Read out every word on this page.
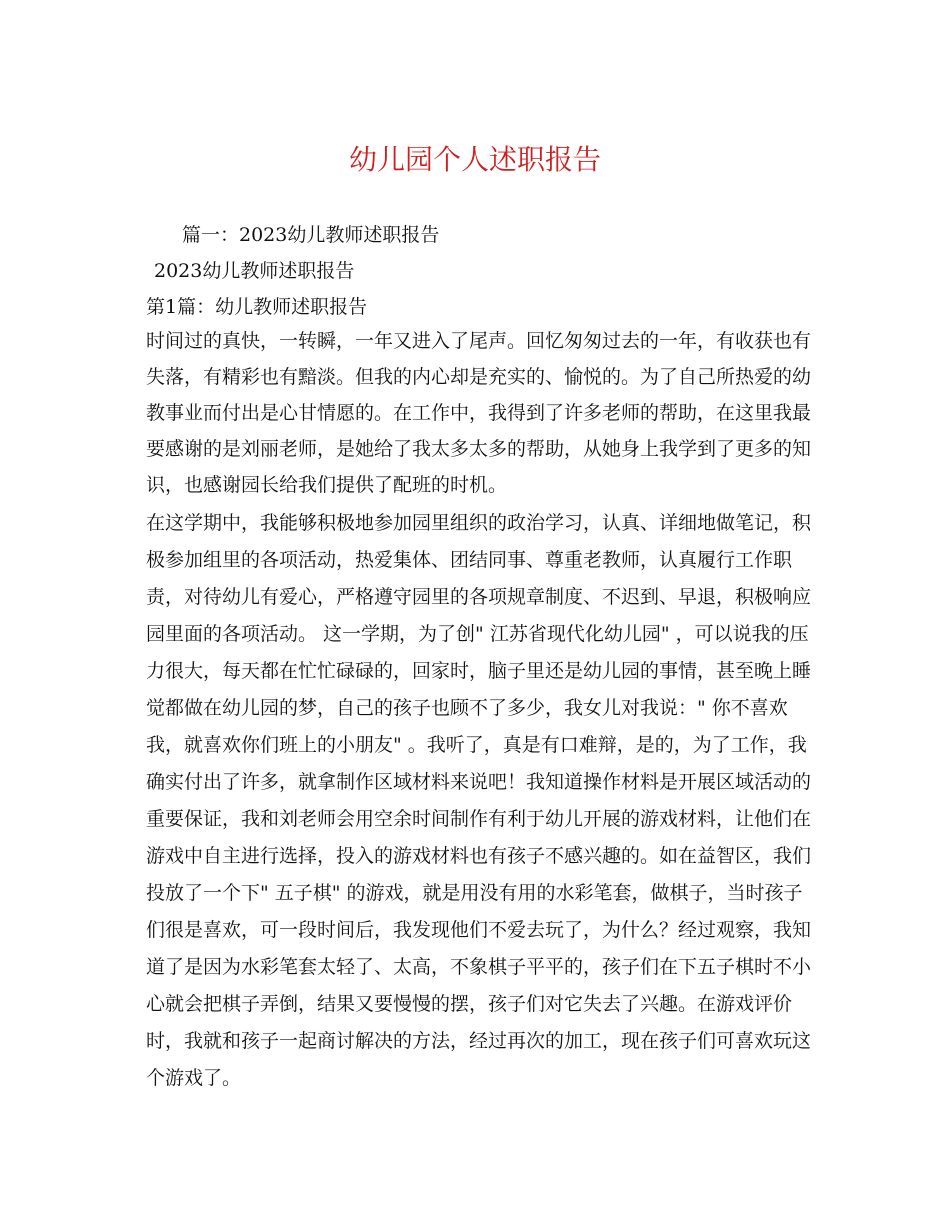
幼儿园个人述职报告

篇一：2023幼儿教师述职报告

2023幼儿教师述职报告

第1篇：幼儿教师述职报告

时间过的真快，一转瞬，一年又进入了尾声。回忆匆匆过去的一年，有收获也有

失落，有精彩也有黯淡。但我的内心却是充实的、愉悦的。为了自己所热爱的幼

教事业而付出是心甘情愿的。在工作中，我得到了许多老师的帮助，在这里我最

要感谢的是刘丽老师，是她给了我太多太多的帮助，从她身上我学到了更多的知

识，也感谢园长给我们提供了配班的时机。

在这学期中，我能够积极地参加园里组织的政治学习，认真、详细地做笔记，积

极参加组里的各项活动，热爱集体、团结同事、尊重老教师，认真履行工作职

责，对待幼儿有爱心，严格遵守园里的各项规章制度、不迟到、早退，积极响应

园里面的各项活动。 这一学期，为了创" 江苏省现代化幼儿园" ，可以说我的压

力很大，每天都在忙忙碌碌的，回家时，脑子里还是幼儿园的事情，甚至晚上睡

觉都做在幼儿园的梦，自己的孩子也顾不了多少，我女儿对我说：" 你不喜欢

我，就喜欢你们班上的小朋友" 。我听了，真是有口难辩，是的，为了工作，我

确实付出了许多，就拿制作区域材料来说吧！我知道操作材料是开展区域活动的

重要保证，我和刘老师会用空余时间制作有利于幼儿开展的游戏材料，让他们在

游戏中自主进行选择，投入的游戏材料也有孩子不感兴趣的。如在益智区，我们

投放了一个下" 五子棋" 的游戏，就是用没有用的水彩笔套，做棋子，当时孩子

们很是喜欢，可一段时间后，我发现他们不爱去玩了，为什么？经过观察，我知

道了是因为水彩笔套太轻了、太高，不象棋子平平的，孩子们在下五子棋时不小

心就会把棋子弄倒，结果又要慢慢的摆，孩子们对它失去了兴趣。在游戏评价

时，我就和孩子一起商讨解决的方法，经过再次的加工，现在孩子们可喜欢玩这

个游戏了。
